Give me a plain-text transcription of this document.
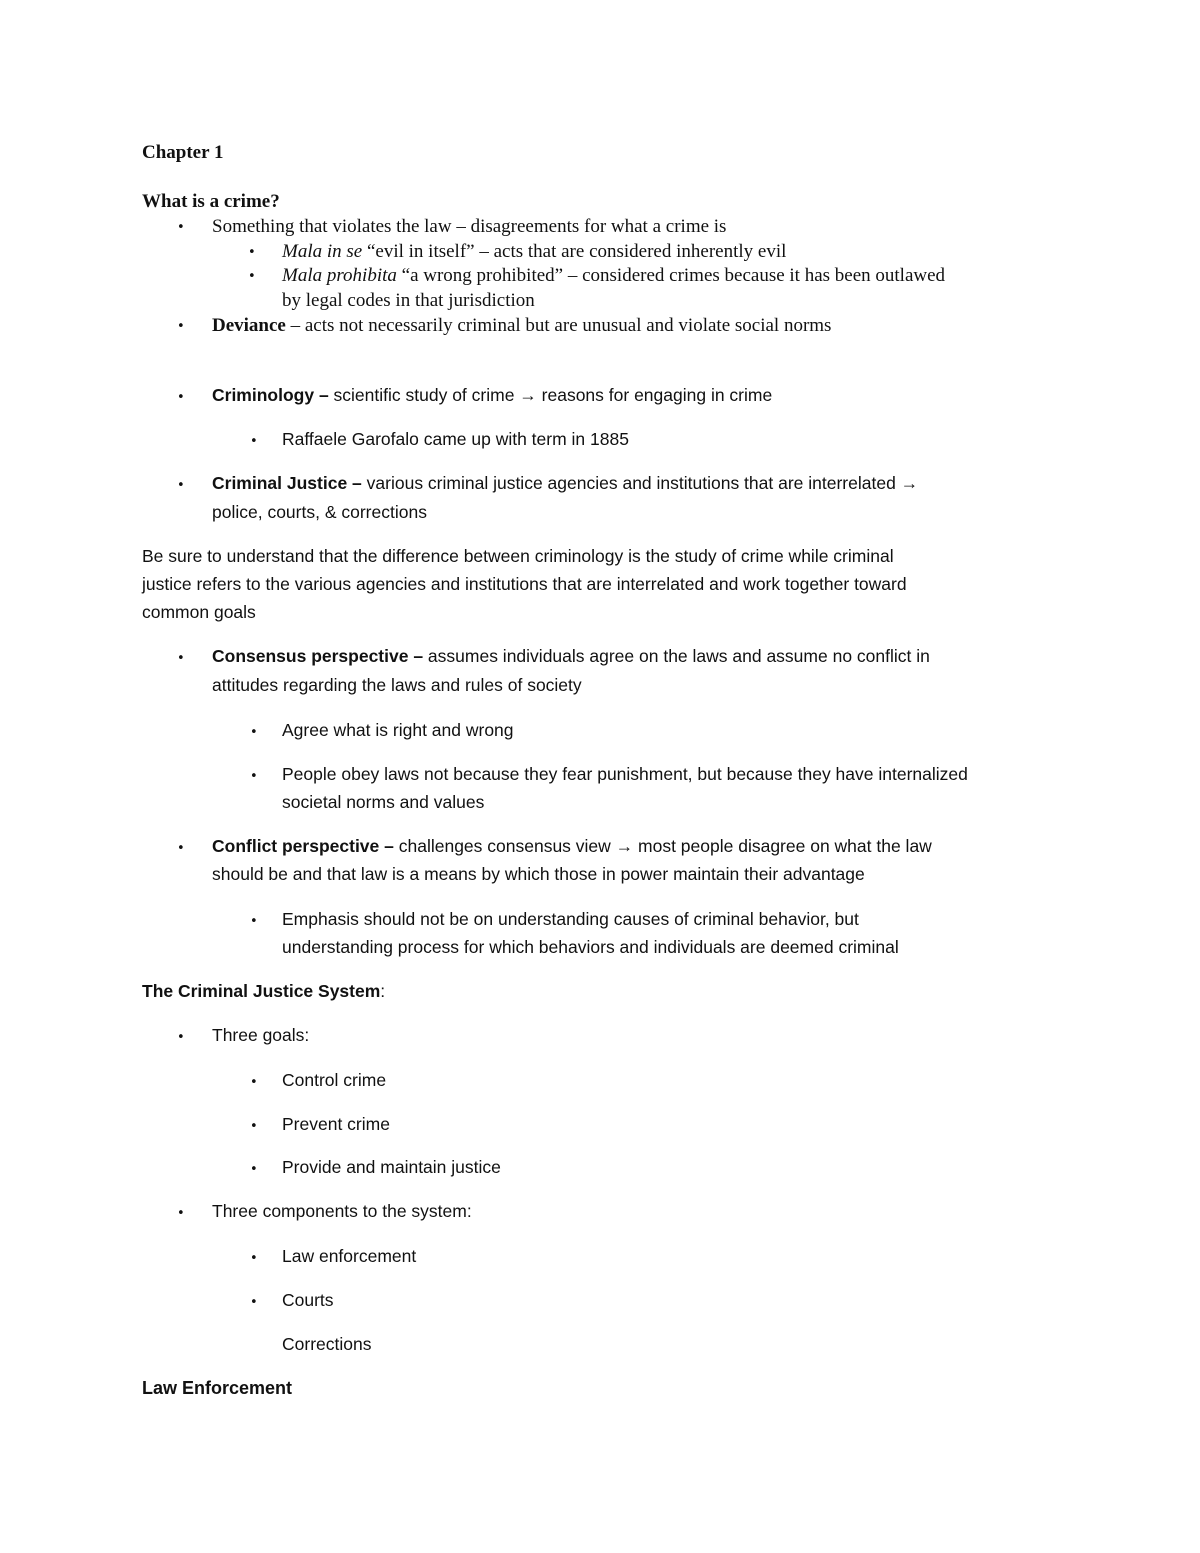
Chapter 1
What is a crime?
• Something that violates the law – disagreements for what a crime is
• Mala in se “evil in itself” – acts that are considered inherently evil
• Mala prohibita “a wrong prohibited” – considered crimes because it has been outlawed
by legal codes in that jurisdiction
• Deviance – acts not necessarily criminal but are unusual and violate social norms
• Criminology – scientific study of crime → reasons for engaging in crime
• Raffaele Garofalo came up with term in 1885
• Criminal Justice – various criminal justice agencies and institutions that are interrelated →
police, courts, & corrections
Be sure to understand that the difference between criminology is the study of crime while criminal
justice refers to the various agencies and institutions that are interrelated and work together toward
common goals
• Consensus perspective – assumes individuals agree on the laws and assume no conflict in
attitudes regarding the laws and rules of society
• Agree what is right and wrong
• People obey laws not because they fear punishment, but because they have internalized
societal norms and values
• Conflict perspective – challenges consensus view → most people disagree on what the law
should be and that law is a means by which those in power maintain their advantage
• Emphasis should not be on understanding causes of criminal behavior, but
understanding process for which behaviors and individuals are deemed criminal
The Criminal Justice System:
• Three goals:
• Control crime
• Prevent crime
• Provide and maintain justice
• Three components to the system:
• Law enforcement
• Courts
Corrections
Law Enforcement
